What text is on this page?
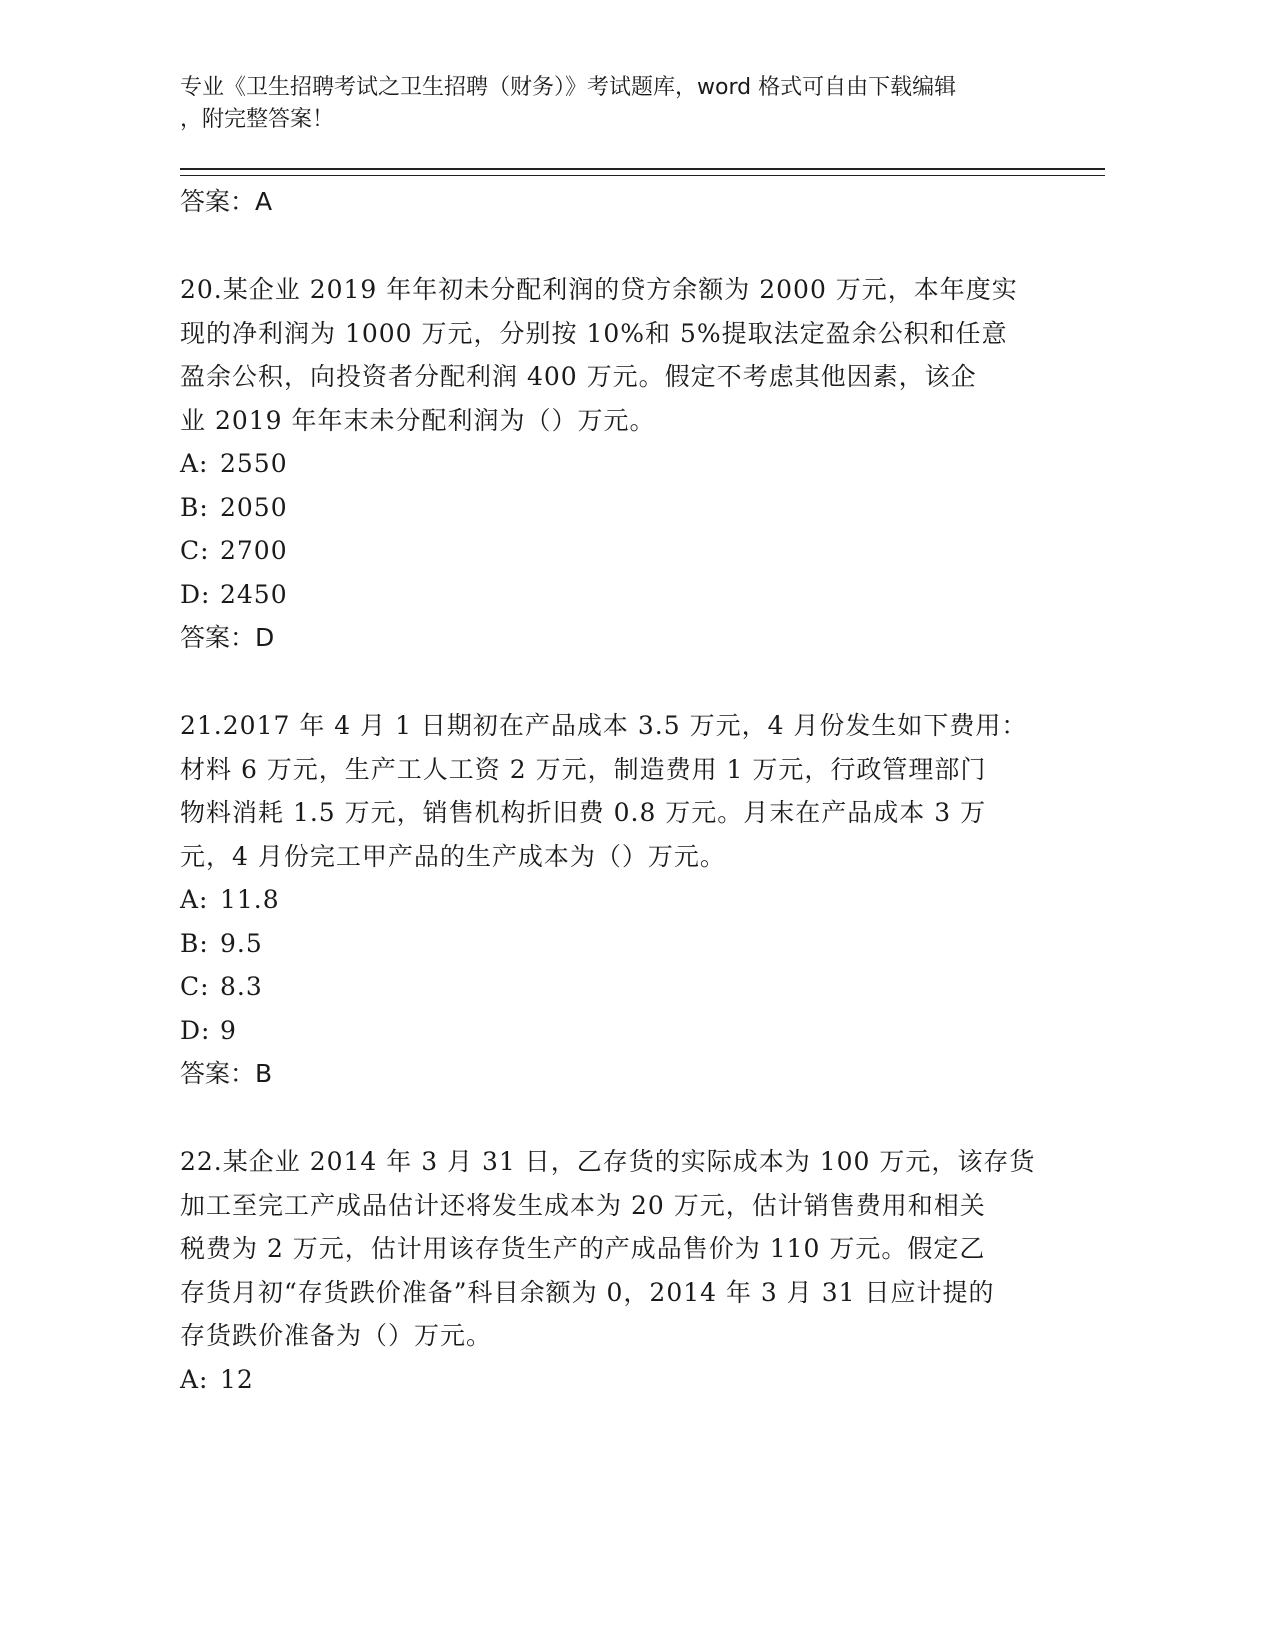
专业《卫生招聘考试之卫生招聘（财务）》考试题库，word 格式可自由下载编辑
，附完整答案！
答案：A
20.某企业 2019 年年初未分配利润的贷方余额为 2000 万元，本年度实
现的净利润为 1000 万元，分别按 10%和 5%提取法定盈余公积和任意
盈余公积，向投资者分配利润 400 万元。假定不考虑其他因素，该企
业 2019 年年末未分配利润为（）万元。
A: 2550
B: 2050
C: 2700
D: 2450
答案：D
21.2017 年 4 月 1 日期初在产品成本 3.5 万元，4 月份发生如下费用：
材料 6 万元，生产工人工资 2 万元，制造费用 1 万元，行政管理部门
物料消耗 1.5 万元，销售机构折旧费 0.8 万元。月末在产品成本 3 万
元，4 月份完工甲产品的生产成本为（）万元。
A: 11.8
B: 9.5
C: 8.3
D: 9
答案：B
22.某企业 2014 年 3 月 31 日，乙存货的实际成本为 100 万元，该存货
加工至完工产成品估计还将发生成本为 20 万元，估计销售费用和相关
税费为 2 万元，估计用该存货生产的产成品售价为 110 万元。假定乙
存货月初“存货跌价准备”科目余额为 0，2014 年 3 月 31 日应计提的
存货跌价准备为（）万元。
A: 12
